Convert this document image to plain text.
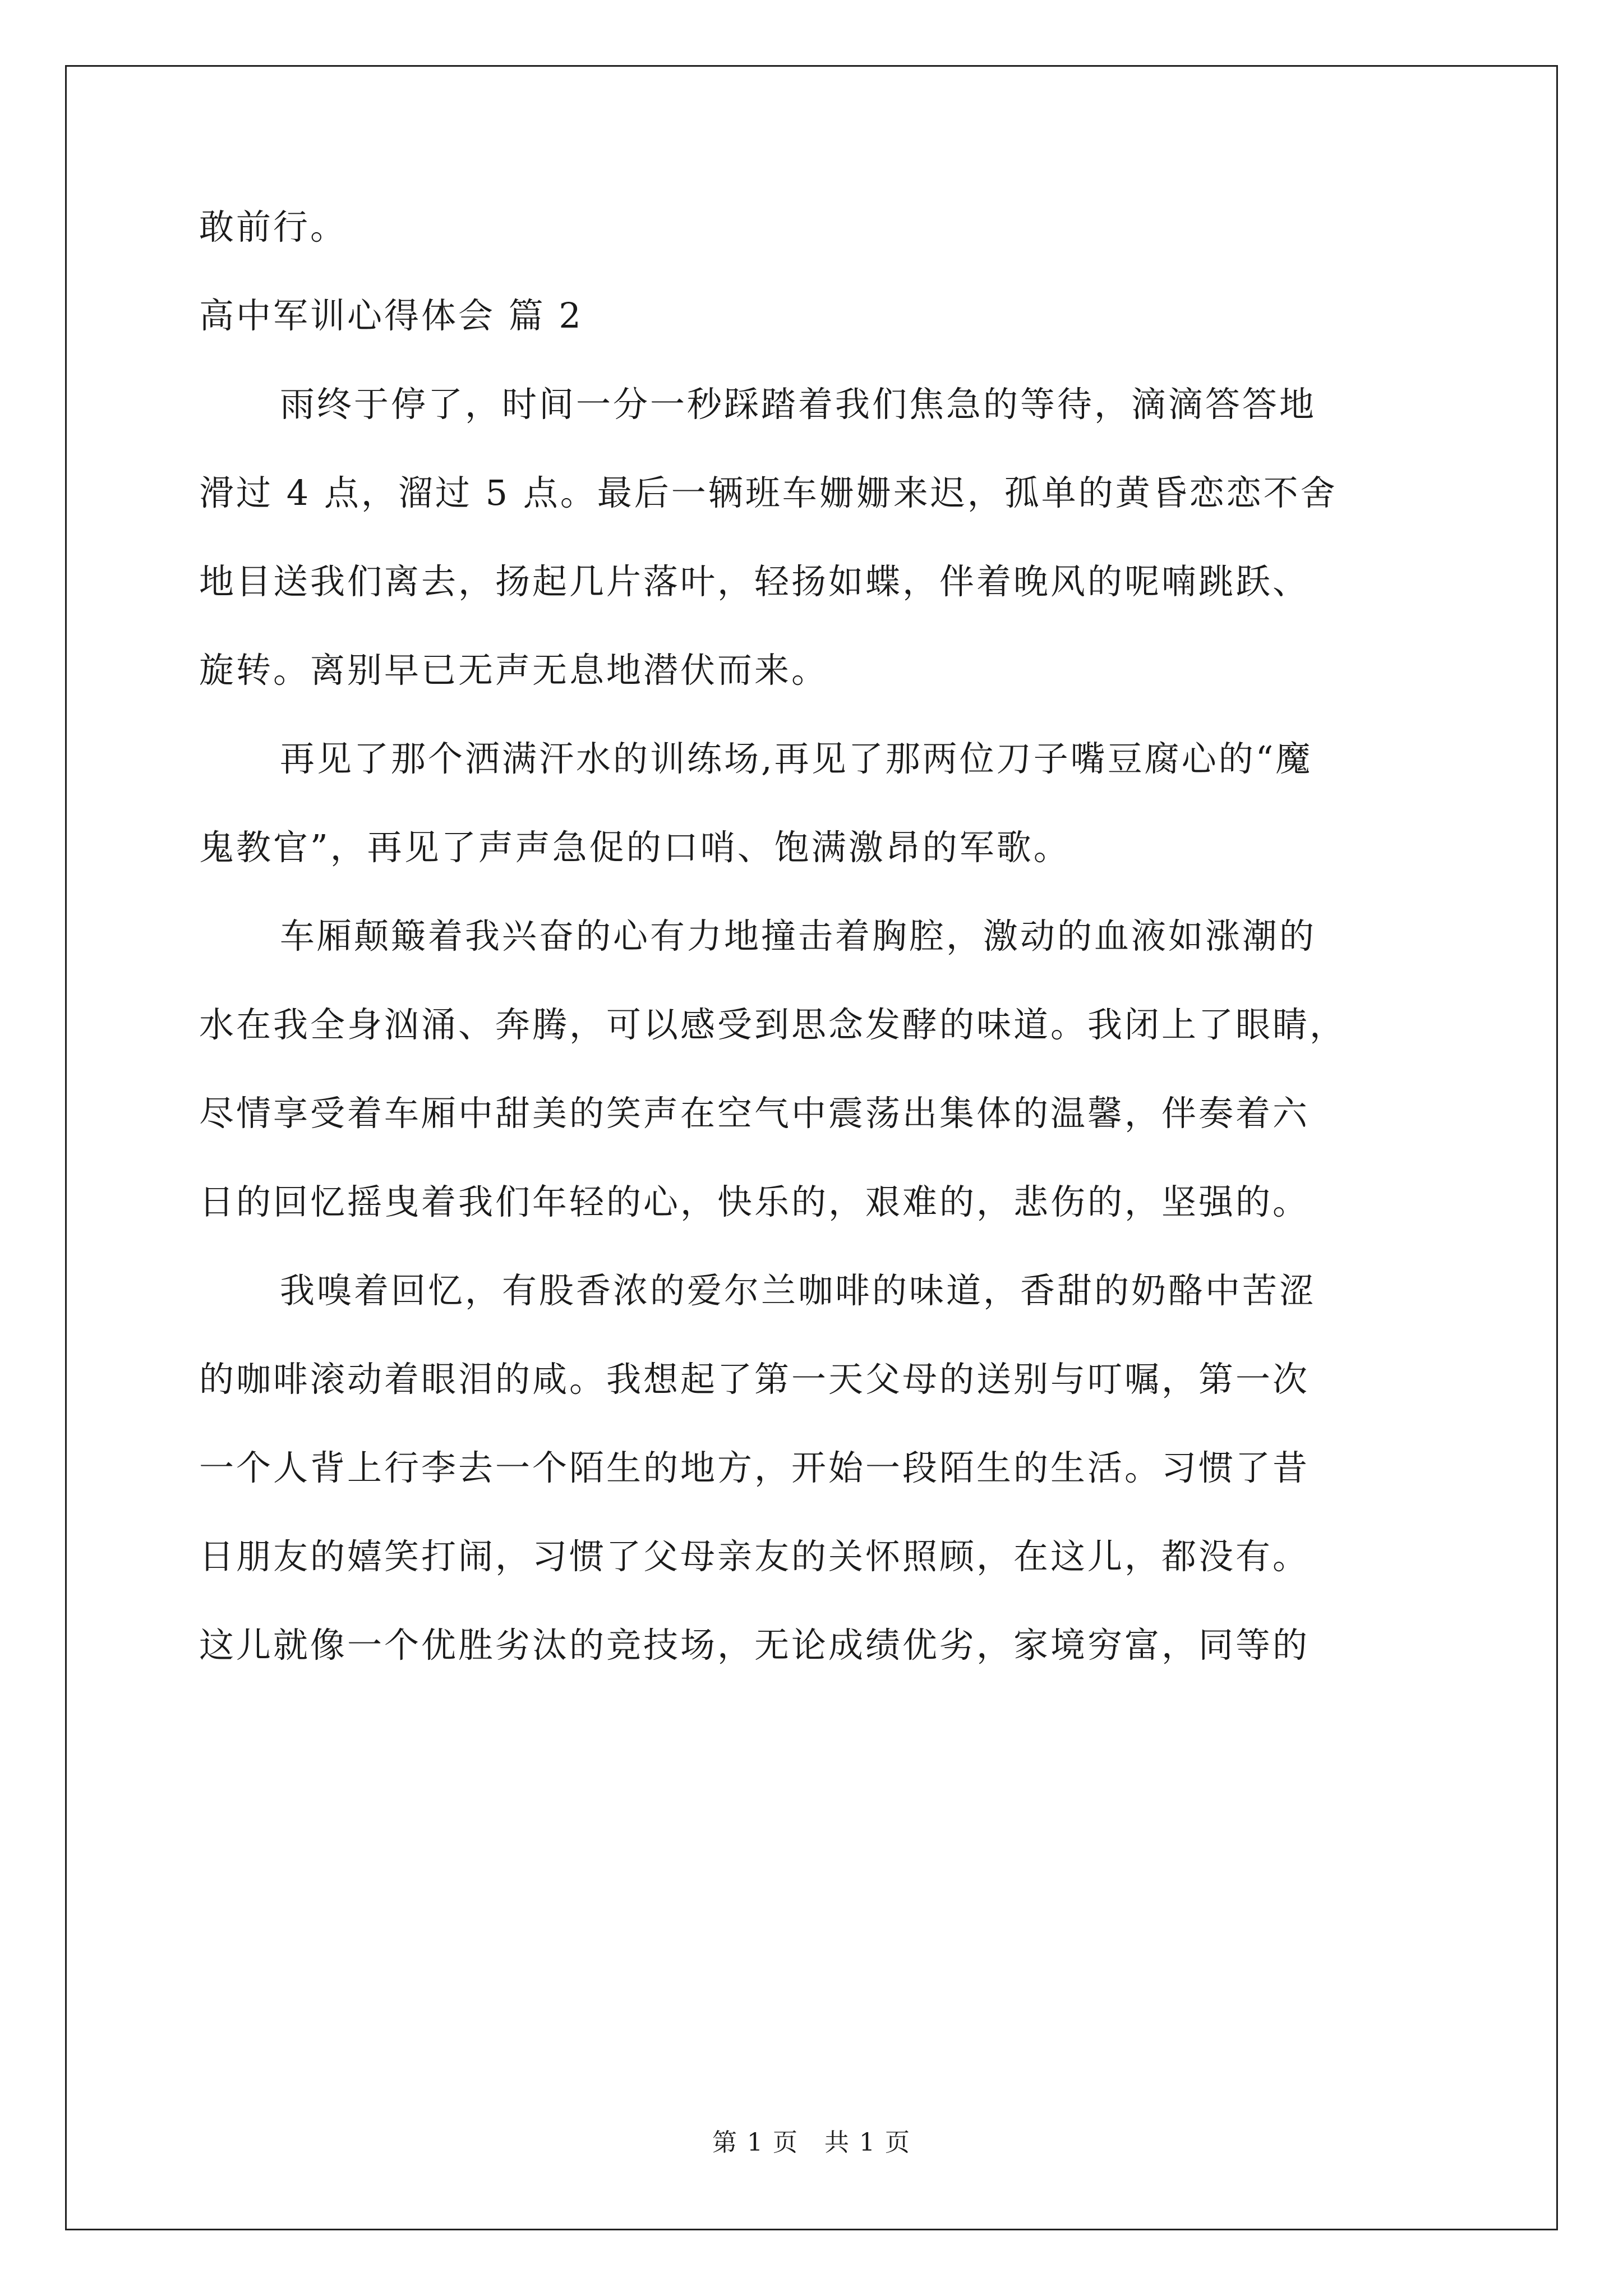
敢前行。
高中军训心得体会 篇 2
雨终于停了，时间一分一秒踩踏着我们焦急的等待，滴滴答答地
滑过 4 点，溜过 5 点。最后一辆班车姗姗来迟，孤单的黄昏恋恋不舍
地目送我们离去，扬起几片落叶，轻扬如蝶，伴着晚风的呢喃跳跃、
旋转。离别早已无声无息地潜伏而来。
再见了那个洒满汗水的训练场,再见了那两位刀子嘴豆腐心的“魔
鬼教官”，再见了声声急促的口哨、饱满激昂的军歌。
车厢颠簸着我兴奋的心有力地撞击着胸腔，激动的血液如涨潮的
水在我全身汹涌、奔腾，可以感受到思念发酵的味道。我闭上了眼睛，
尽情享受着车厢中甜美的笑声在空气中震荡出集体的温馨，伴奏着六
日的回忆摇曳着我们年轻的心，快乐的，艰难的，悲伤的，坚强的。
我嗅着回忆，有股香浓的爱尔兰咖啡的味道，香甜的奶酪中苦涩
的咖啡滚动着眼泪的咸。我想起了第一天父母的送别与叮嘱，第一次
一个人背上行李去一个陌生的地方，开始一段陌生的生活。习惯了昔
日朋友的嬉笑打闹，习惯了父母亲友的关怀照顾，在这儿，都没有。
这儿就像一个优胜劣汰的竞技场，无论成绩优劣，家境穷富，同等的
第 1 页　共 1 页
